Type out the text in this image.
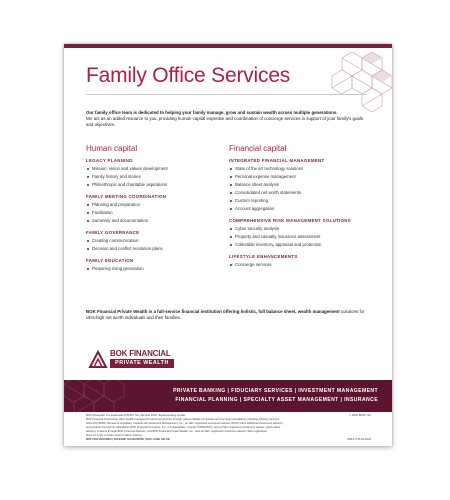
Family Office Services
Our family office team is dedicated to helping your family manage, grow and sustain wealth across multiple generations.
We act as an added resource to you, providing human capital expertise and coordination of concierge services in support of your family's goals and objectives.
Human capital
LEGACY PLANNING
Mission, vision and values development
Family history and stories
Philanthropic and charitable aspirations
FAMILY MEETING COORDINATION
Planning and preparation
Facilitation
Summary and documentation
FAMILY GOVERNANCE
Creating communication
Decision and conflict resolution plans
FAMILY EDUCATION
Preparing rising generation
Financial capital
INTEGRATED FINANCIAL MANAGEMENT
State of the art technology solutions
Personal expense management
Balance sheet analysis
Consolidated net worth statements
Custom reporting
Account aggregation
COMPREHENSIVE RISK MANAGEMENT SOLUTIONS
Cyber security analysis
Property and casualty insurance assessment
Collectible inventory, appraisal and protection
LIFESTYLE ENHANCEMENTS
Concierge services
BOK Financial Private Wealth is a full-service financial institution offering holistic, full balance sheet, wealth management solutions for ultra-high net worth individuals and their families.
BOK FINANCIAL
PRIVATE WEALTH
PRIVATE BANKING | FIDUCIARY SERVICES | INVESTMENT MANAGEMENT
FINANCIAL PLANNING | SPECIALTY ASSET MANAGEMENT | INSURANCE
BOK Financial® is a trademark of BOKF, NA. Member FDIC. Equal Housing Lender.	© 2022 BOKF, NA
BOK Financial Corporation offers wealth management and trust services through various affiliate companies and non-bank subsidiaries including advisory services
offered by BOKF, NA and its subsidiary Cavanal Hill Investment Management, Inc., an SEC registered investment adviser. BOKF offers additional investment advisory
and products through its subsidiaries BOK Financial Securities, Inc., a broker/dealer, member FINRA/SIPC, and an SEC registered investment adviser, which offers
advisory products through BOK Financial Advisors, and BOK Financial Private Wealth, Inc., also an SEC registered investment adviser. SEC registration
does not imply a certain level of skill or training.
NOT FDIC INSURED | NO BANK GUARANTEE | MAY LOSE VALUE	WM-17715 04-2022
